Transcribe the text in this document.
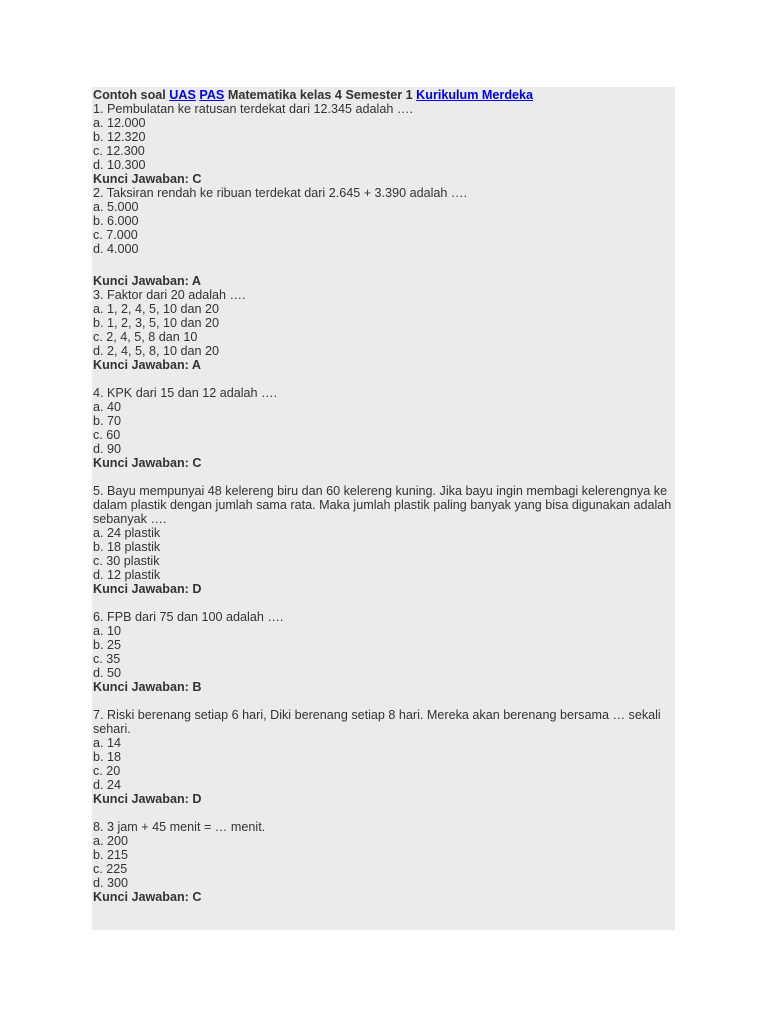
Contoh soal UAS PAS Matematika kelas 4 Semester 1 Kurikulum Merdeka
1. Pembulatan ke ratusan terdekat dari 12.345 adalah ….
a. 12.000
b. 12.320
c. 12.300
d. 10.300
Kunci Jawaban: C
2. Taksiran rendah ke ribuan terdekat dari 2.645 + 3.390 adalah ….
a. 5.000
b. 6.000
c. 7.000
d. 4.000
Kunci Jawaban: A
3. Faktor dari 20 adalah ….
a. 1, 2, 4, 5, 10 dan 20
b. 1, 2, 3, 5, 10 dan 20
c. 2, 4, 5, 8 dan 10
d. 2, 4, 5, 8, 10 dan 20
Kunci Jawaban: A
4. KPK dari 15 dan 12 adalah ….
a. 40
b. 70
c. 60
d. 90
Kunci Jawaban: C
5. Bayu mempunyai 48 kelereng biru dan 60 kelereng kuning. Jika bayu ingin membagi kelerengnya ke dalam plastik dengan jumlah sama rata. Maka jumlah plastik paling banyak yang bisa digunakan adalah sebanyak ….
a. 24 plastik
b. 18 plastik
c. 30 plastik
d. 12 plastik
Kunci Jawaban: D
6. FPB dari 75 dan 100 adalah ….
a. 10
b. 25
c. 35
d. 50
Kunci Jawaban: B
7. Riski berenang setiap 6 hari, Diki berenang setiap 8 hari. Mereka akan berenang bersama … sekali sehari.
a. 14
b. 18
c. 20
d. 24
Kunci Jawaban: D
8. 3 jam + 45 menit = … menit.
a. 200
b. 215
c. 225
d. 300
Kunci Jawaban: C
